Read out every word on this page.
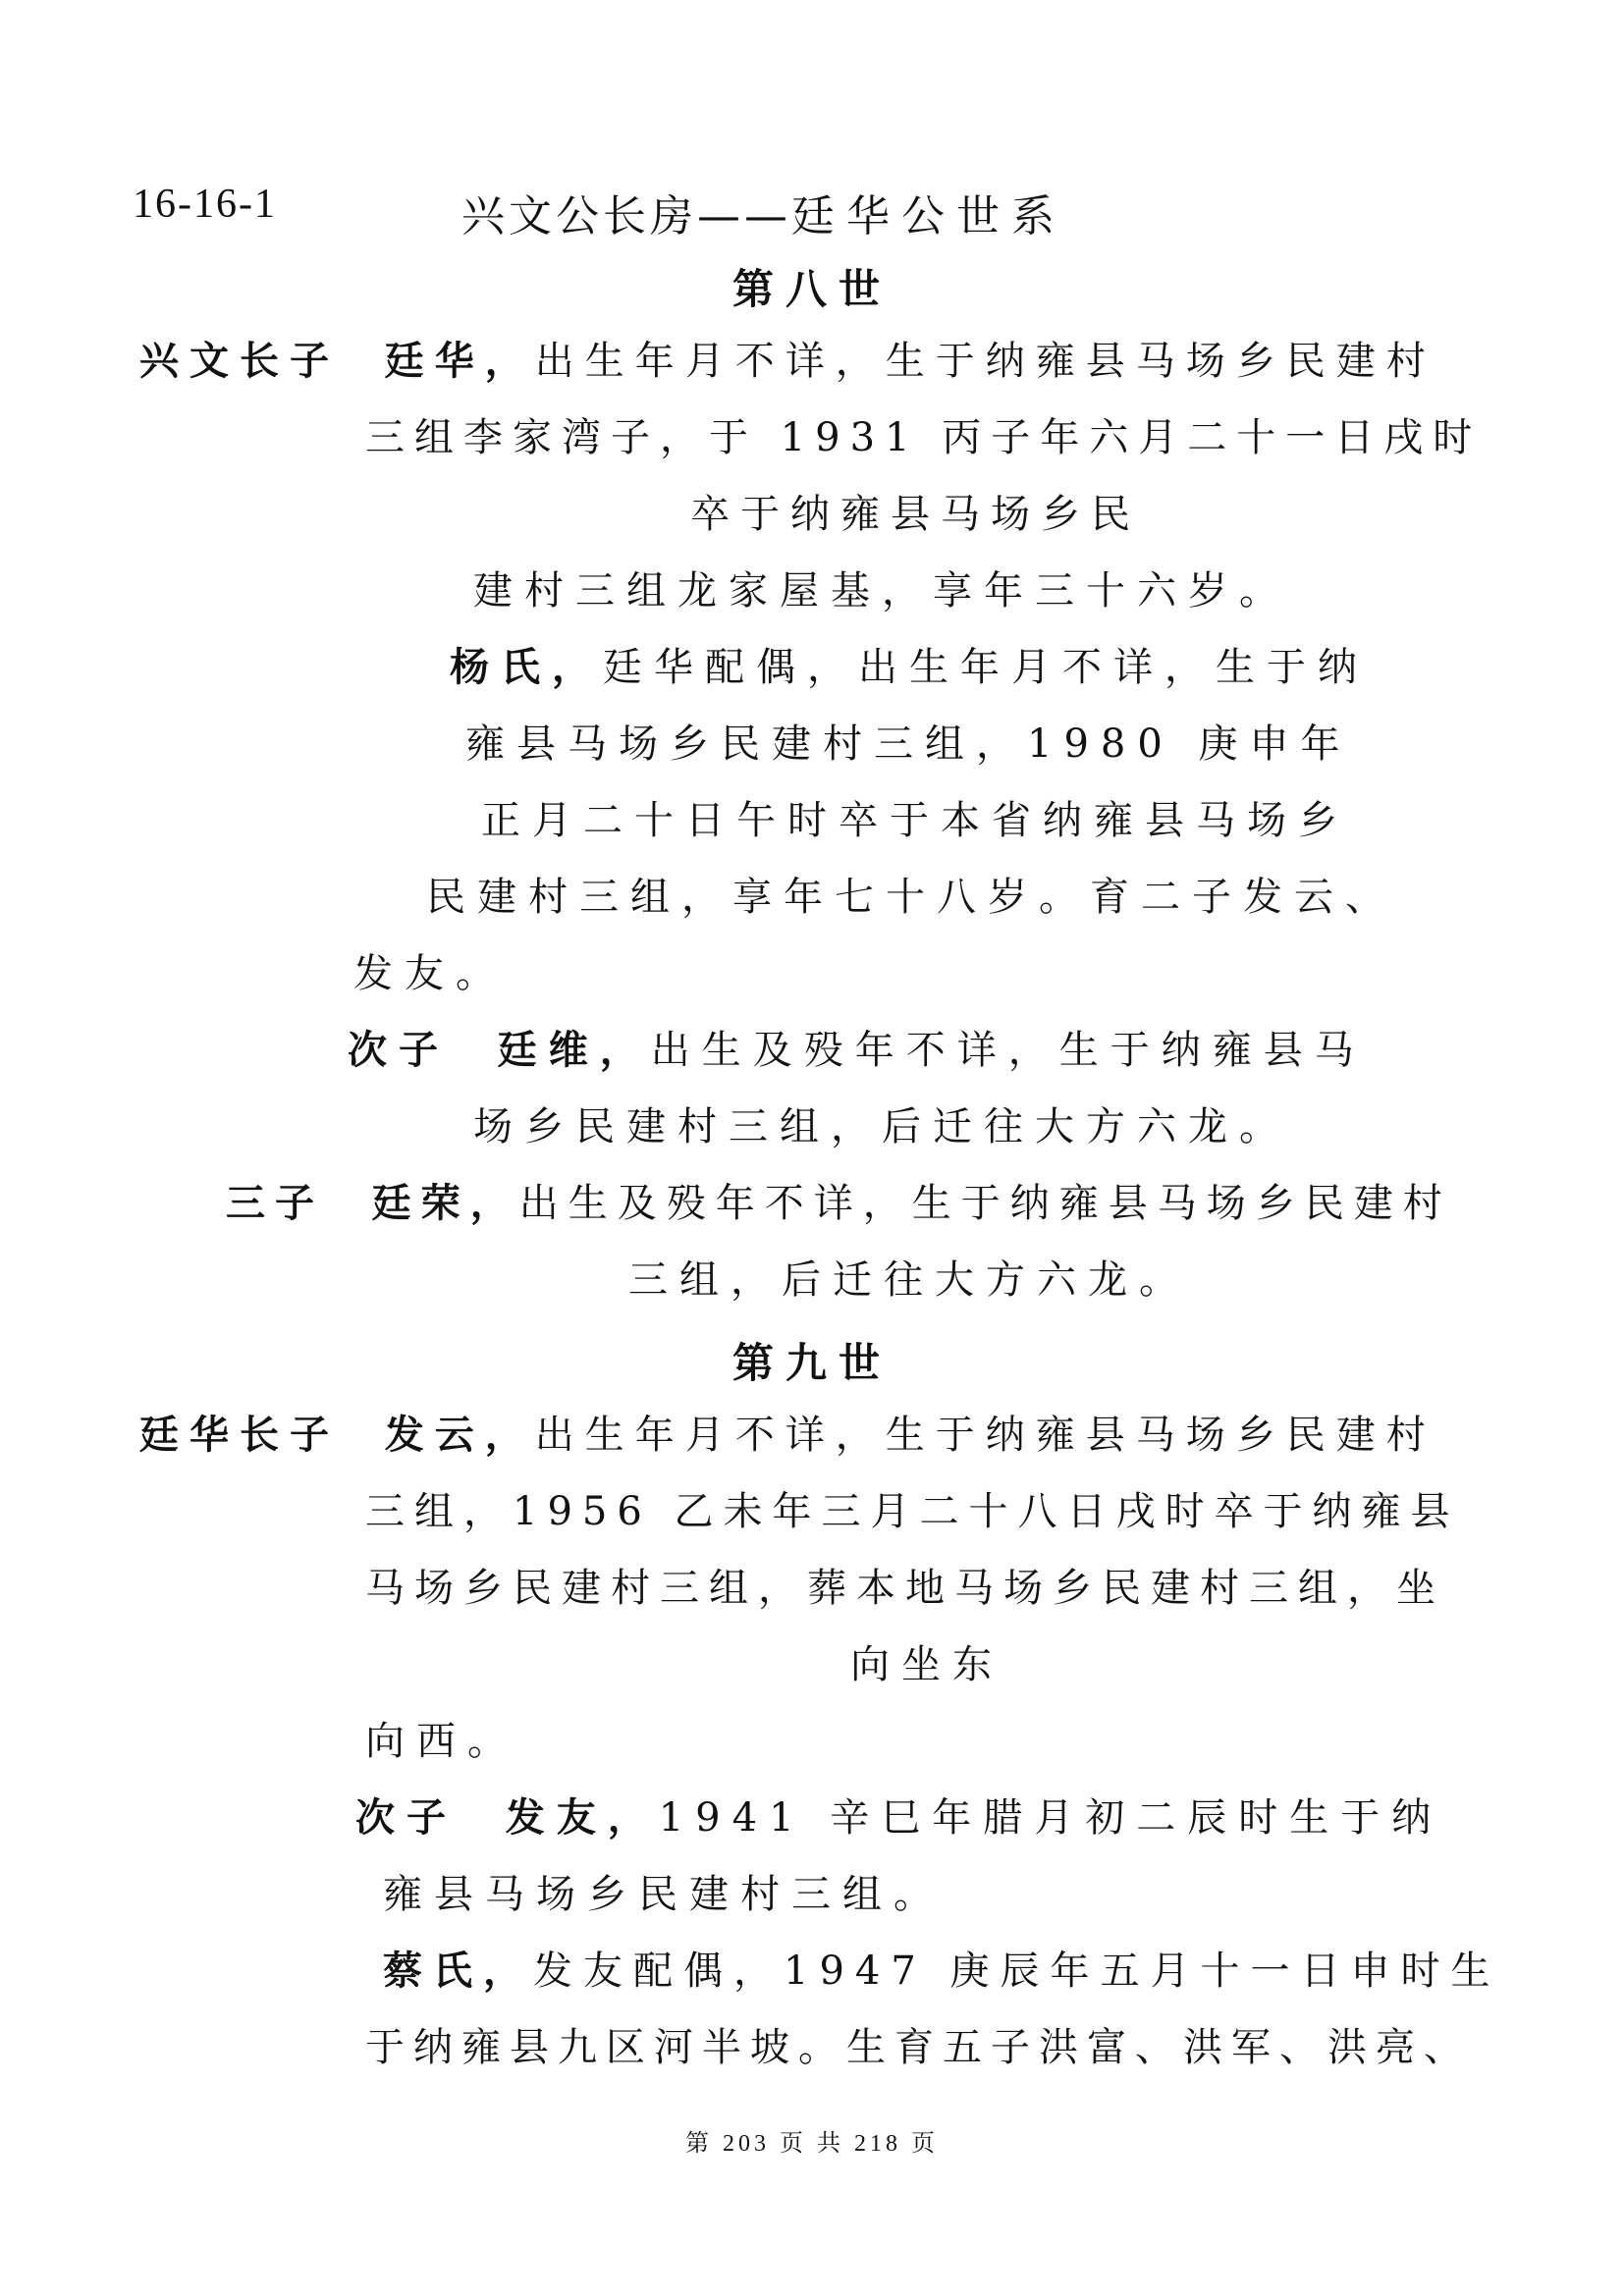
16-16-1	兴文公长房——廷华公世系
第八世
兴文长子 廷华，出生年月不详，生于纳雍县马场乡民建村
三组李家湾子，于 1931 丙子年六月二十一日戌时
卒于纳雍县马场乡民
建村三组龙家屋基，享年三十六岁。
杨氏，廷华配偶，出生年月不详，生于纳
雍县马场乡民建村三组，1980 庚申年
正月二十日午时卒于本省纳雍县马场乡
民建村三组，享年七十八岁。育二子发云、
发友。
次子 廷维，出生及殁年不详，生于纳雍县马
场乡民建村三组，后迁往大方六龙。
三子 廷荣，出生及殁年不详，生于纳雍县马场乡民建村
三组，后迁往大方六龙。
第九世
廷华长子 发云，出生年月不详，生于纳雍县马场乡民建村
三组，1956 乙未年三月二十八日戌时卒于纳雍县
马场乡民建村三组，葬本地马场乡民建村三组，坐
向坐东
向西。
次子 发友，1941 辛巳年腊月初二辰时生于纳
雍县马场乡民建村三组。
蔡氏，发友配偶，1947 庚辰年五月十一日申时生
于纳雍县九区河半坡。生育五子洪富、洪军、洪亮、
第 203 页 共 218 页
